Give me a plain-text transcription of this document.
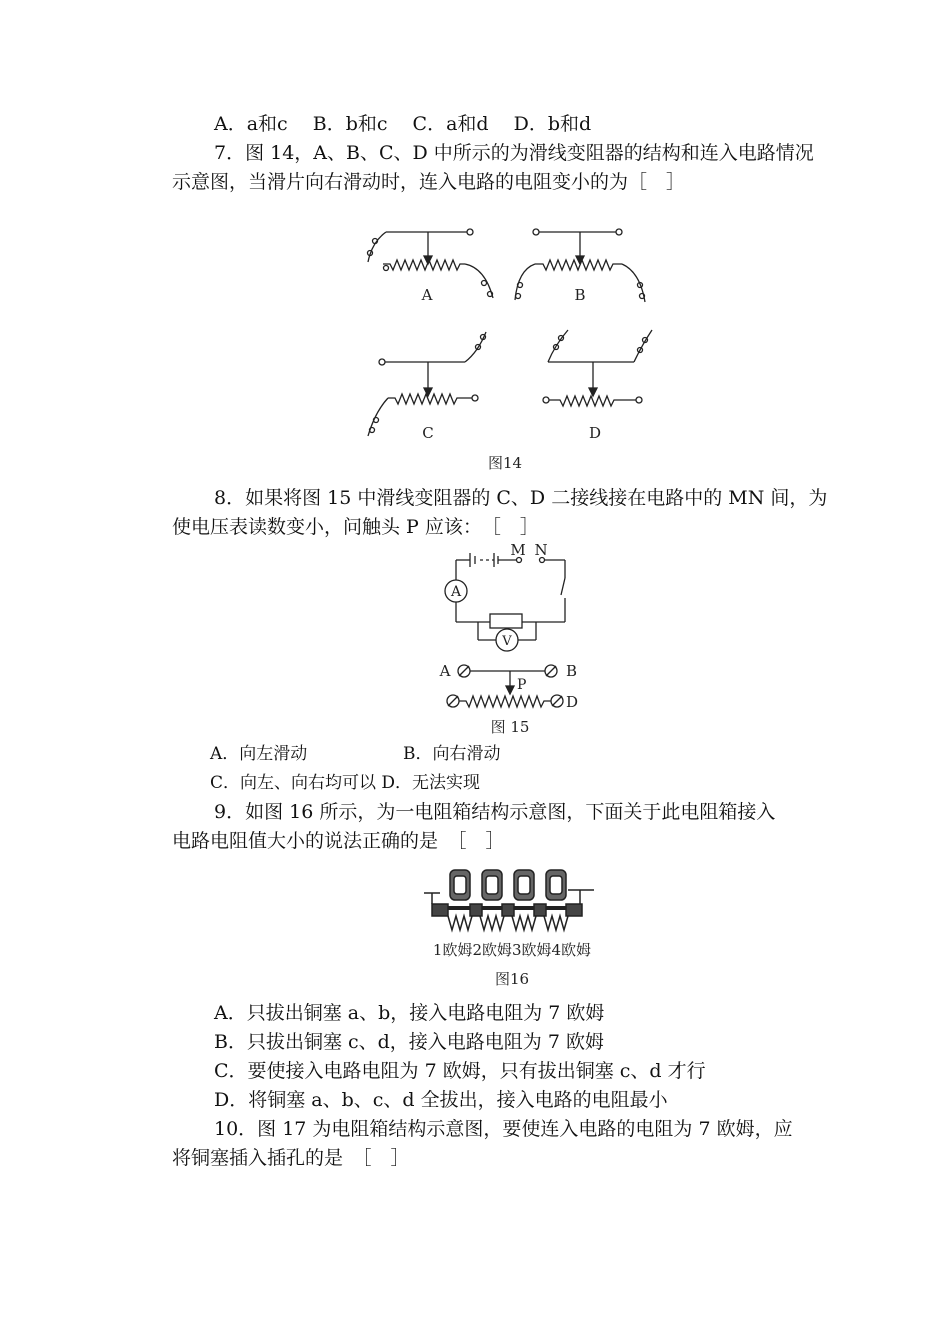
A．a和c　 B．b和c　 C．a和d　 D．b和d
7．图 14，A、B、C、D 中所示的为滑线变阻器的结构和连入电路情况
示意图，当滑片向右滑动时，连入电路的电阻变小的为［　］
A	B
C	D
图14
8．如果将图 15 中滑线变阻器的 C、D 二接线接在电路中的 MN 间，为
使电压表读数变小，问触头 P 应该：　［　］
M N
A
V
A	B
P
D
图 15
A．向左滑动	B．向右滑动
C．向左、向右均可以 D．无法实现
9．如图 16 所示，为一电阻箱结构示意图，下面关于此电阻箱接入
电路电阻值大小的说法正确的是　［　］
1欧姆2欧姆3欧姆4欧姆
图16
A．只拔出铜塞 a、b，接入电路电阻为 7 欧姆
B．只拔出铜塞 c、d，接入电路电阻为 7 欧姆
C．要使接入电路电阻为 7 欧姆，只有拔出铜塞 c、d 才行
D．将铜塞 a、b、c、d 全拔出，接入电路的电阻最小
10．图 17 为电阻箱结构示意图，要使连入电路的电阻为 7 欧姆，应
将铜塞插入插孔的是　［　］
